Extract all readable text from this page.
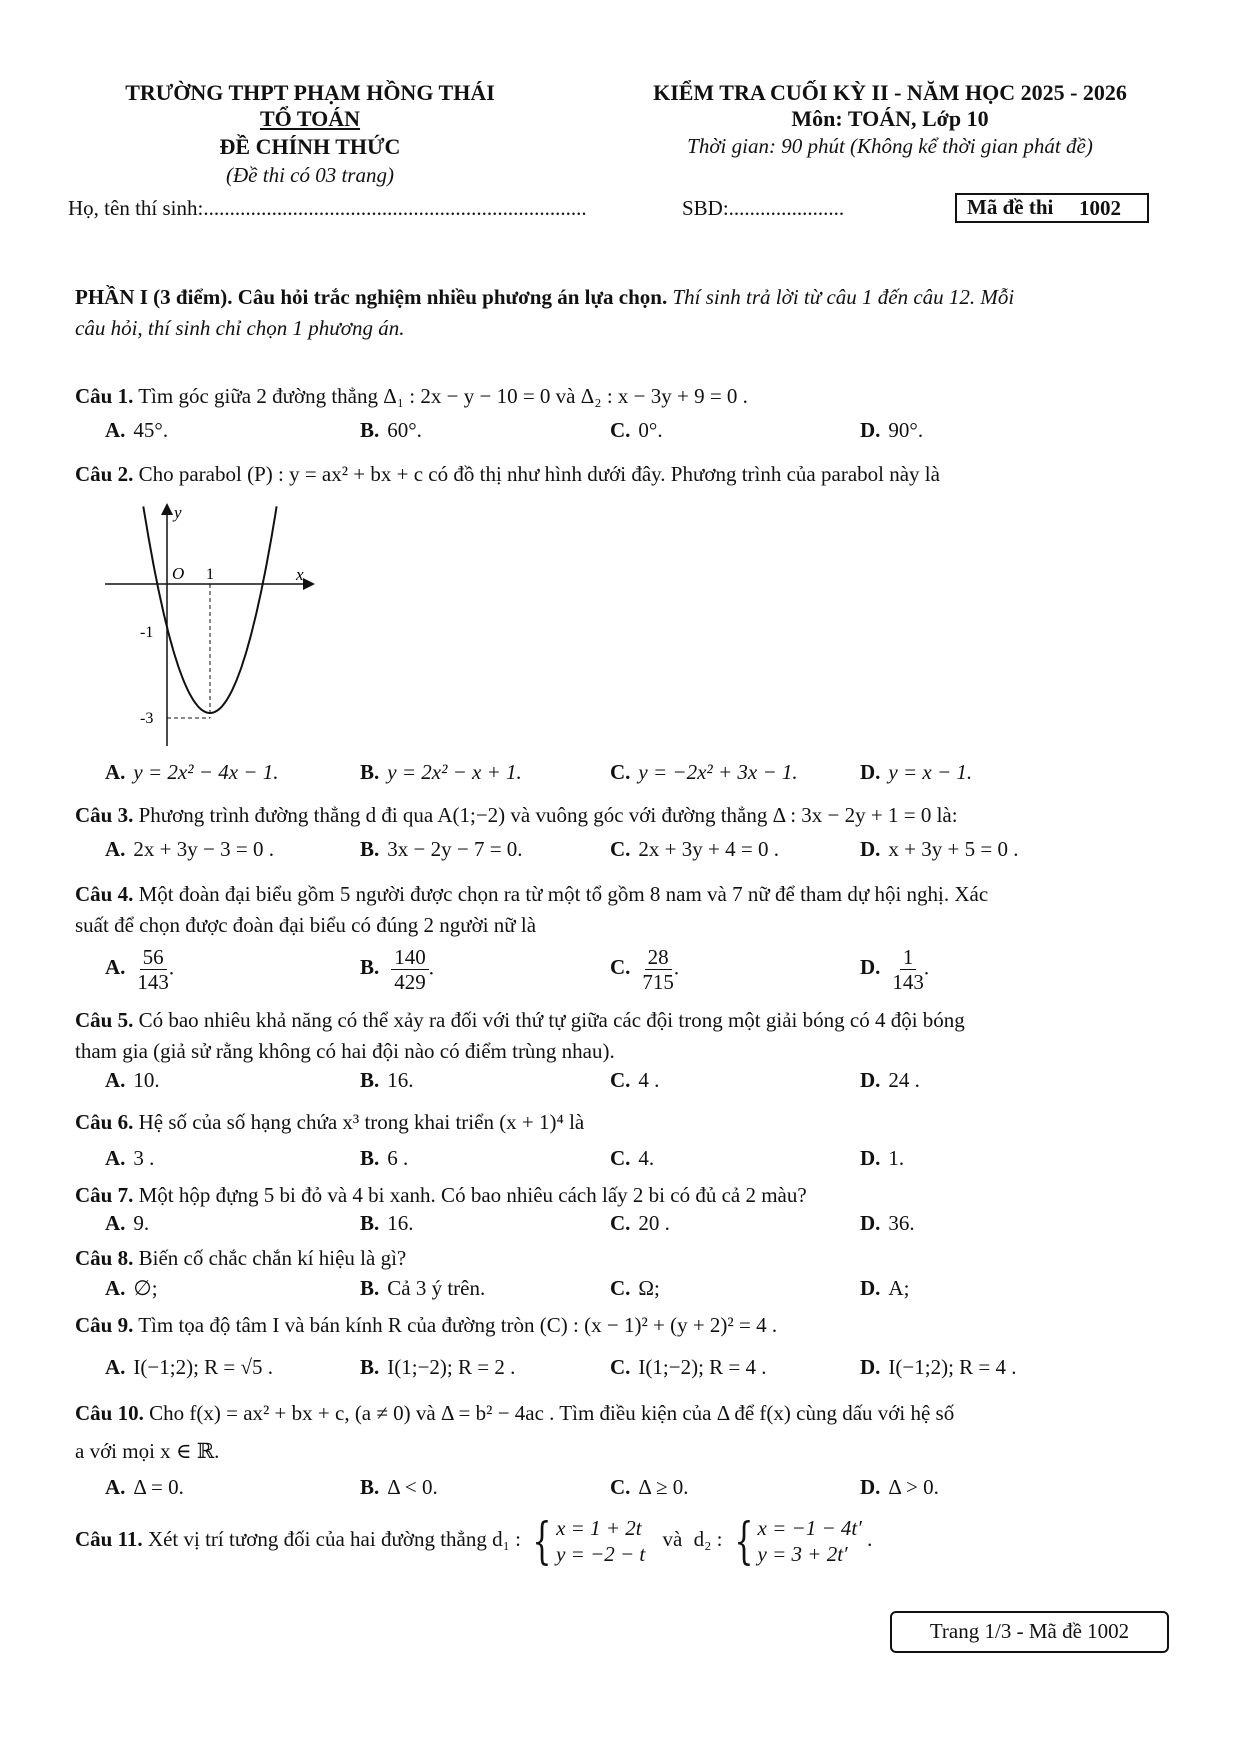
TRƯỜNG THPT PHẠM HỒNG THÁI
TỔ TOÁN
ĐỀ CHÍNH THỨC
(Đề thi có 03 trang)
KIỂM TRA CUỐI KỲ II - NĂM HỌC 2025 - 2026
Môn: TOÁN, Lớp 10
Thời gian: 90 phút (Không kể thời gian phát đề)
Họ, tên thí sinh:.........................................................................	SBD:......................	Mã đề thi 1002
PHẦN I (3 điểm). Câu hỏi trắc nghiệm nhiều phương án lựa chọn. Thí sinh trả lời từ câu 1 đến câu 12. Mỗi
câu hỏi, thí sinh chỉ chọn 1 phương án.
Câu 1. Tìm góc giữa 2 đường thẳng Δ₁ : 2x − y − 10 = 0 và Δ₂ : x − 3y + 9 = 0 .
A. 45°.	B. 60°.	C. 0°.	D. 90°.
Câu 2. Cho parabol (P) : y = ax² + bx + c có đồ thị như hình dưới đây. Phương trình của parabol này là
y
x
O 1
-1
-3
A. y = 2x² − 4x − 1.	B. y = 2x² − x + 1.	C. y = −2x² + 3x − 1.	D. y = x − 1.
Câu 3. Phương trình đường thẳng d đi qua A(1;−2) và vuông góc với đường thẳng Δ : 3x − 2y + 1 = 0 là:
A. 2x + 3y − 3 = 0 .	B. 3x − 2y − 7 = 0.	C. 2x + 3y + 4 = 0 .	D. x + 3y + 5 = 0 .
Câu 4. Một đoàn đại biểu gồm 5 người được chọn ra từ một tổ gồm 8 nam và 7 nữ để tham dự hội nghị. Xác
suất để chọn được đoàn đại biểu có đúng 2 người nữ là
A. $\frac{56}{143}$ .	B. $\frac{140}{429}$ .	C. $\frac{28}{715}$ .	D. $\frac{1}{143}$ .
Câu 5. Có bao nhiêu khả năng có thể xảy ra đối với thứ tự giữa các đội trong một giải bóng có 4 đội bóng
tham gia (giả sử rằng không có hai đội nào có điểm trùng nhau).
A. 10.	B. 16.	C. 4 .	D. 24 .
Câu 6. Hệ số của số hạng chứa x³ trong khai triển (x + 1)⁴ là
A. 3 .	B. 6 .	C. 4.	D. 1.
Câu 7. Một hộp đựng 5 bi đỏ và 4 bi xanh. Có bao nhiêu cách lấy 2 bi có đủ cả 2 màu?
A. 9.	B. 16.	C. 20 .	D. 36.
Câu 8. Biến cố chắc chắn kí hiệu là gì?
A. ∅;	B. Cả 3 ý trên.	C. Ω;	D. A;
Câu 9. Tìm tọa độ tâm I và bán kính R của đường tròn (C) : (x − 1)² + (y + 2)² = 4 .
A. I(−1;2); R = √5 .	B. I(1;−2); R = 2 .	C. I(1;−2); R = 4 .	D. I(−1;2); R = 4 .
Câu 10. Cho f(x) = ax² + bx + c, (a ≠ 0) và Δ = b² − 4ac . Tìm điều kiện của Δ để f(x) cùng dấu với hệ số
a với mọi x ∈ ℝ.
A. Δ = 0.	B. Δ < 0.	C. Δ ≥ 0.	D. Δ > 0.
Câu 11. Xét vị trí tương đối của hai đường thẳng d₁ : { x = 1 + 2t
y = −2 − t
và d₂ : { x = −1 − 4t′
y = 3 + 2t′
.
Trang 1/3 - Mã đề 1002
